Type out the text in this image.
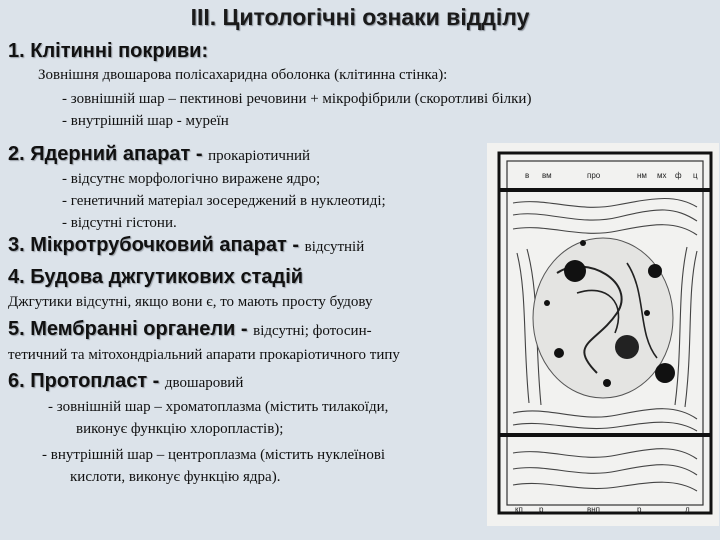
ІІІ. Цитологічні ознаки відділу
1. Клітинні покриви:
Зовнішня двошарова полісахаридна оболонка (клітинна стінка):
- зовнішній шар – пектинові речовини + мікрофібрили (скоротливі білки)
- внутрішній шар - муреїн
2. Ядерний апарат - прокаріотичний
- відсутнє морфологічно виражене ядро;
- генетичний матеріал зосереджений в нуклеотиді;
- відсутні гістони.
3. Мікротрубочковий апарат - відсутній
4. Будова джгутикових стадій
Джгутики відсутні, якщо вони є, то мають просту будову
5. Мембранні органели - відсутні; фотосин-
тетичний та мітохондріальний апарати прокаріотичного типу
6. Протопласт - двошаровий
- зовнішній шар – хроматоплазма (містить тилакоїди,
виконує функцію хлоропластів);
- внутрішній шар – центроплазма (містить нуклеїнові
кислоти, виконує функцію ядра).
в вм	про	нм мх ф ц
кп р	внп	р	л
